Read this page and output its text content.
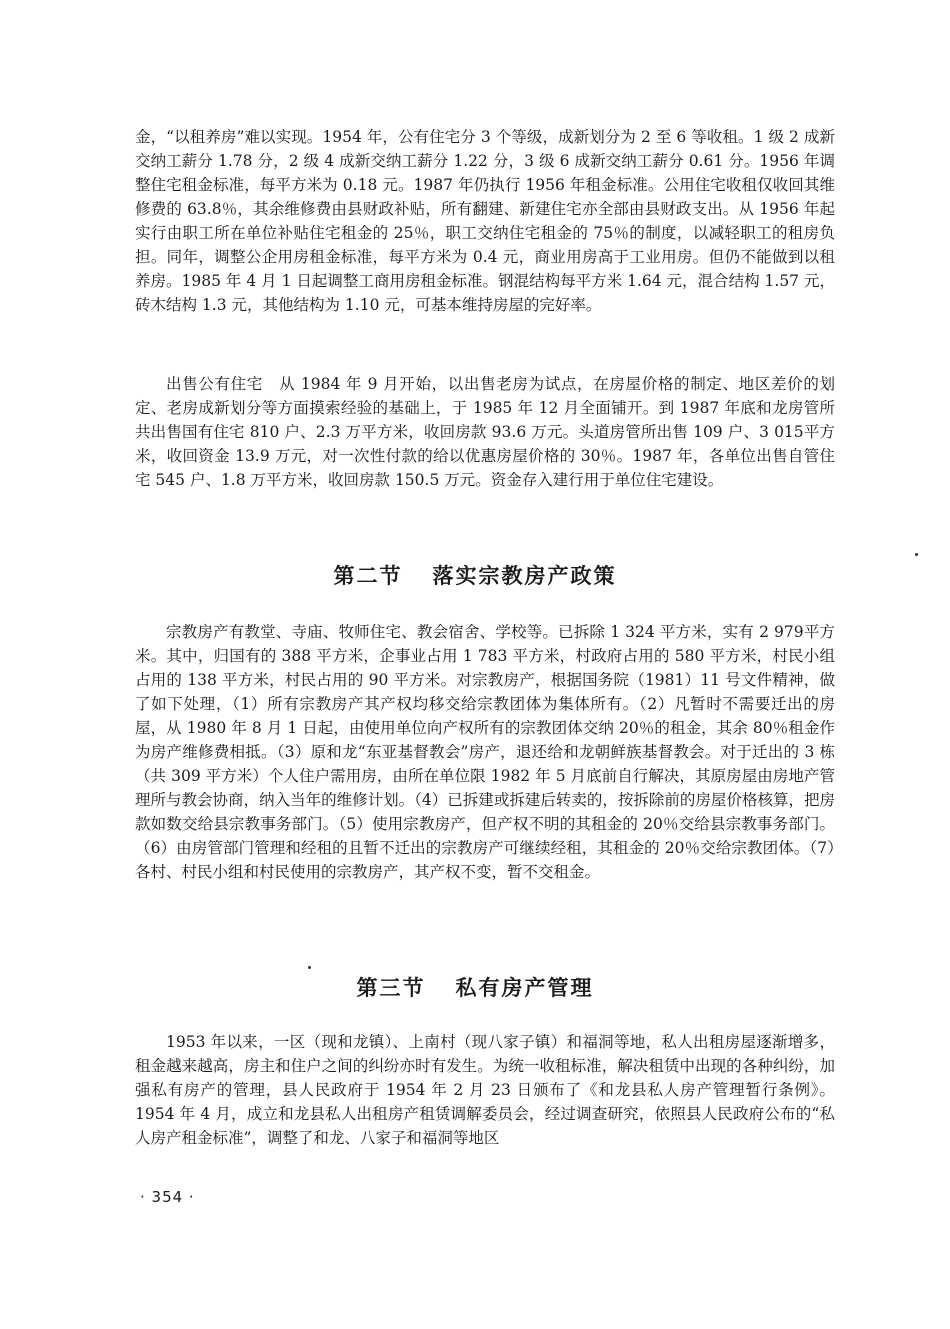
金，“以租养房”难以实现。1954 年，公有住宅分 3 个等级，成新划分为 2 至 6 等收租。1 级 2 成新交纳工薪分 1.78 分，2 级 4 成新交纳工薪分 1.22 分，3 级 6 成新交纳工薪分 0.61 分。1956 年调整住宅租金标准，每平方米为 0.18 元。1987 年仍执行 1956 年租金标准。公用住宅收租仅收回其维修费的 63.8％，其余维修费由县财政补贴，所有翻建、新建住宅亦全部由县财政支出。从 1956 年起实行由职工所在单位补贴住宅租金的 25％，职工交纳住宅租金的 75％的制度，以减轻职工的租房负担。同年，调整公企用房租金标准，每平方米为 0.4 元，商业用房高于工业用房。但仍不能做到以租养房。1985 年 4 月 1 日起调整工商用房租金标准。钢混结构每平方米 1.64 元，混合结构 1.57 元，砖木结构 1.3 元，其他结构为 1.10 元，可基本维持房屋的完好率。

出售公有住宅　从 1984 年 9 月开始，以出售老房为试点，在房屋价格的制定、地区差价的划定、老房成新划分等方面摸索经验的基础上，于 1985 年 12 月全面铺开。到 1987 年底和龙房管所共出售国有住宅 810 户、2.3 万平方米，收回房款 93.6 万元。头道房管所出售 109 户、3 015平方米，收回资金 13.9 万元，对一次性付款的给以优惠房屋价格的 30％。1987 年，各单位出售自管住宅 545 户、1.8 万平方米，收回房款 150.5 万元。资金存入建行用于单位住宅建设。

第二节 落实宗教房产政策

宗教房产有教堂、寺庙、牧师住宅、教会宿舍、学校等。已拆除 1 324 平方米，实有 2 979平方米。其中，归国有的 388 平方米，企事业占用 1 783 平方米，村政府占用的 580 平方米，村民小组占用的 138 平方米，村民占用的 90 平方米。对宗教房产，根据国务院（1981）11 号文件精神，做了如下处理，（1）所有宗教房产其产权均移交给宗教团体为集体所有。（2）凡暂时不需要迁出的房屋，从 1980 年 8 月 1 日起，由使用单位向产权所有的宗教团体交纳 20％的租金，其余 80％租金作为房产维修费相抵。（3）原和龙“东亚基督教会”房产，退还给和龙朝鲜族基督教会。对于迁出的 3 栋（共 309 平方米）个人住户需用房，由所在单位限 1982 年 5 月底前自行解决，其原房屋由房地产管理所与教会协商，纳入当年的维修计划。（4）已拆建或拆建后转卖的，按拆除前的房屋价格核算，把房款如数交给县宗教事务部门。（5）使用宗教房产，但产权不明的其租金的 20％交给县宗教事务部门。（6）由房管部门管理和经租的且暂不迁出的宗教房产可继续经租，其租金的 20％交给宗教团体。（7）各村、村民小组和村民使用的宗教房产，其产权不变，暂不交租金。

第三节 私有房产管理

1953 年以来，一区（现和龙镇）、上南村（现八家子镇）和福洞等地，私人出租房屋逐渐增多，租金越来越高，房主和住户之间的纠纷亦时有发生。为统一收租标准，解决租赁中出现的各种纠纷，加强私有房产的管理，县人民政府于 1954 年 2 月 23 日颁布了《和龙县私人房产管理暂行条例》。1954 年 4 月，成立和龙县私人出租房产租赁调解委员会，经过调查研究，依照县人民政府公布的“私人房产租金标准”，调整了和龙、八家子和福洞等地区

· 354 ·
